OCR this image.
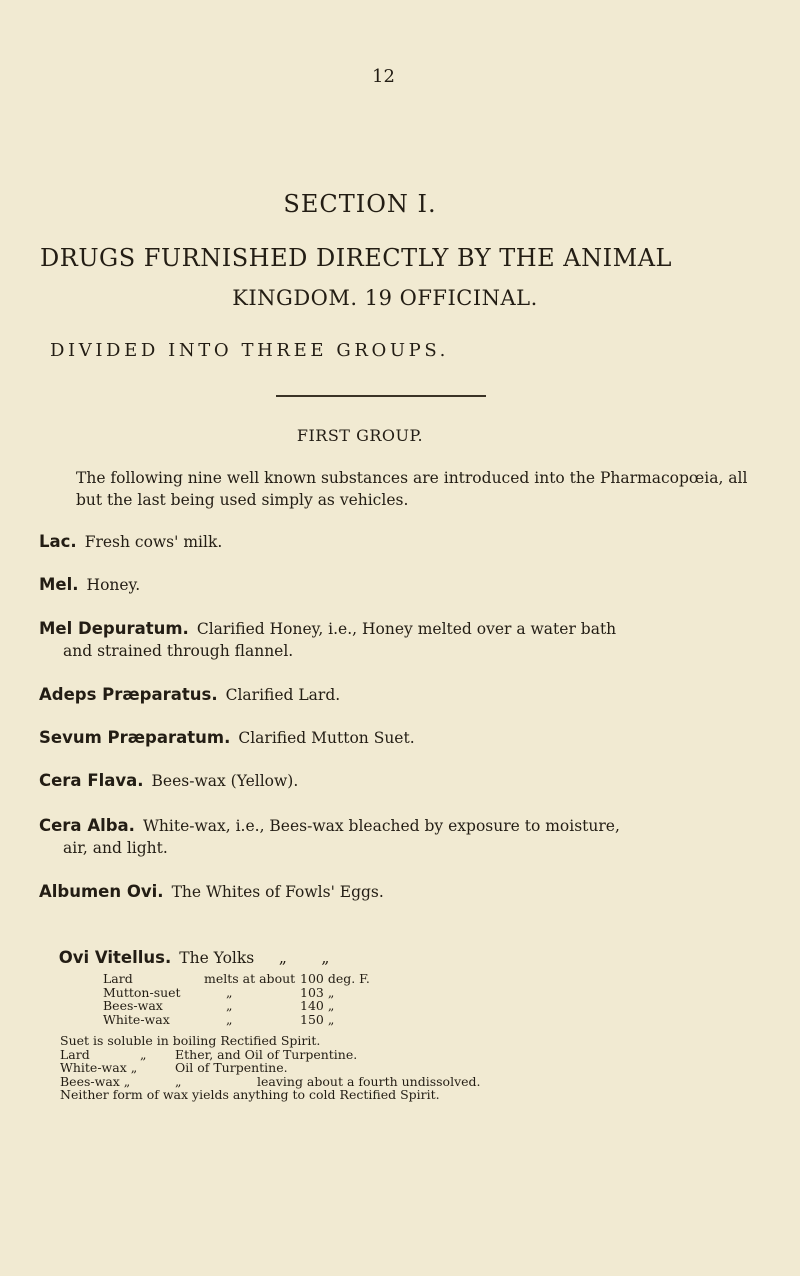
12
SECTION I.
DRUGS FURNISHED DIRECTLY BY THE ANIMAL
KINGDOM. 19 OFFICINAL.
DIVIDED INTO THREE GROUPS.
FIRST GROUP.
The following nine well known substances are introduced into the Pharmacopœia, all but the last being used simply as vehicles.
Lac. Fresh cows' milk.
Mel. Honey.
Mel Depuratum. Clarified Honey, i.e., Honey melted over a water bath
and strained through flannel.
Adeps Præparatus. Clarified Lard.
Sevum Præparatum. Clarified Mutton Suet.
Cera Flava. Bees-wax (Yellow).
Cera Alba. White-wax, i.e., Bees-wax bleached by exposure to moisture,
air, and light.
Albumen Ovi. The Whites of Fowls' Eggs.

Ovi Vitellus. The Yolks     „       „

Lard	melts at about 100 deg. F.
Mutton-suet	„	103 „
Bees-wax	„	140 „
White-wax	„	150 „
Suet is soluble in boiling Rectified Spirit.
Lard	„	Ether, and Oil of Turpentine.
White-wax „	Oil of Turpentine.
Bees-wax „	„	leaving about a fourth undissolved.
Neither form of wax yields anything to cold Rectified Spirit.
